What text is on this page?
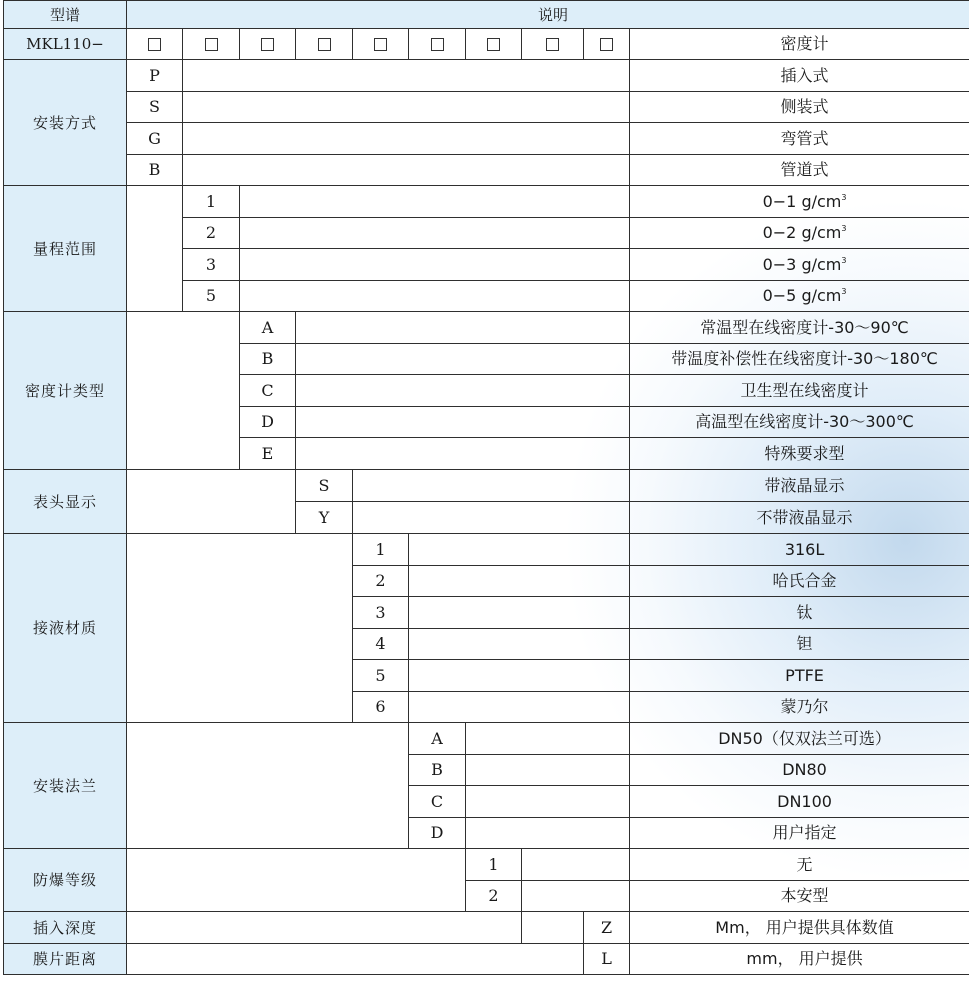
型谱	说明									
MKL110−										密度计
安装方式	P									插入式
	S									侧装式
	G									弯管式
	B									管道式
量程范围		1								0−1 $g/cm^3$
		2								0−2 $g/cm^3$
		3								0−3 $g/cm^3$
		5								0−5 $g/cm^3$
密度计类型			A							常温型在线密度计-30～90℃
			B							带温度补偿性在线密度计-30～180℃
			C							卫生型在线密度计
			D							高温型在线密度计-30～300℃
			E							特殊要求型
表头显示				S						带液晶显示
				Y						不带液晶显示
接液材质					1					316L
					2					哈氏合金
					3					钛
					4					钽
					5					PTFE
					6					蒙乃尔
安装法兰						A				DN50（仅双法兰可选）
						B				DN80
						C				DN100
						D				用户指定
防爆等级							1			无
							2			本安型
插入深度									Z	Mm， 用户提供具体数值
膜片距离									L	mm， 用户提供
